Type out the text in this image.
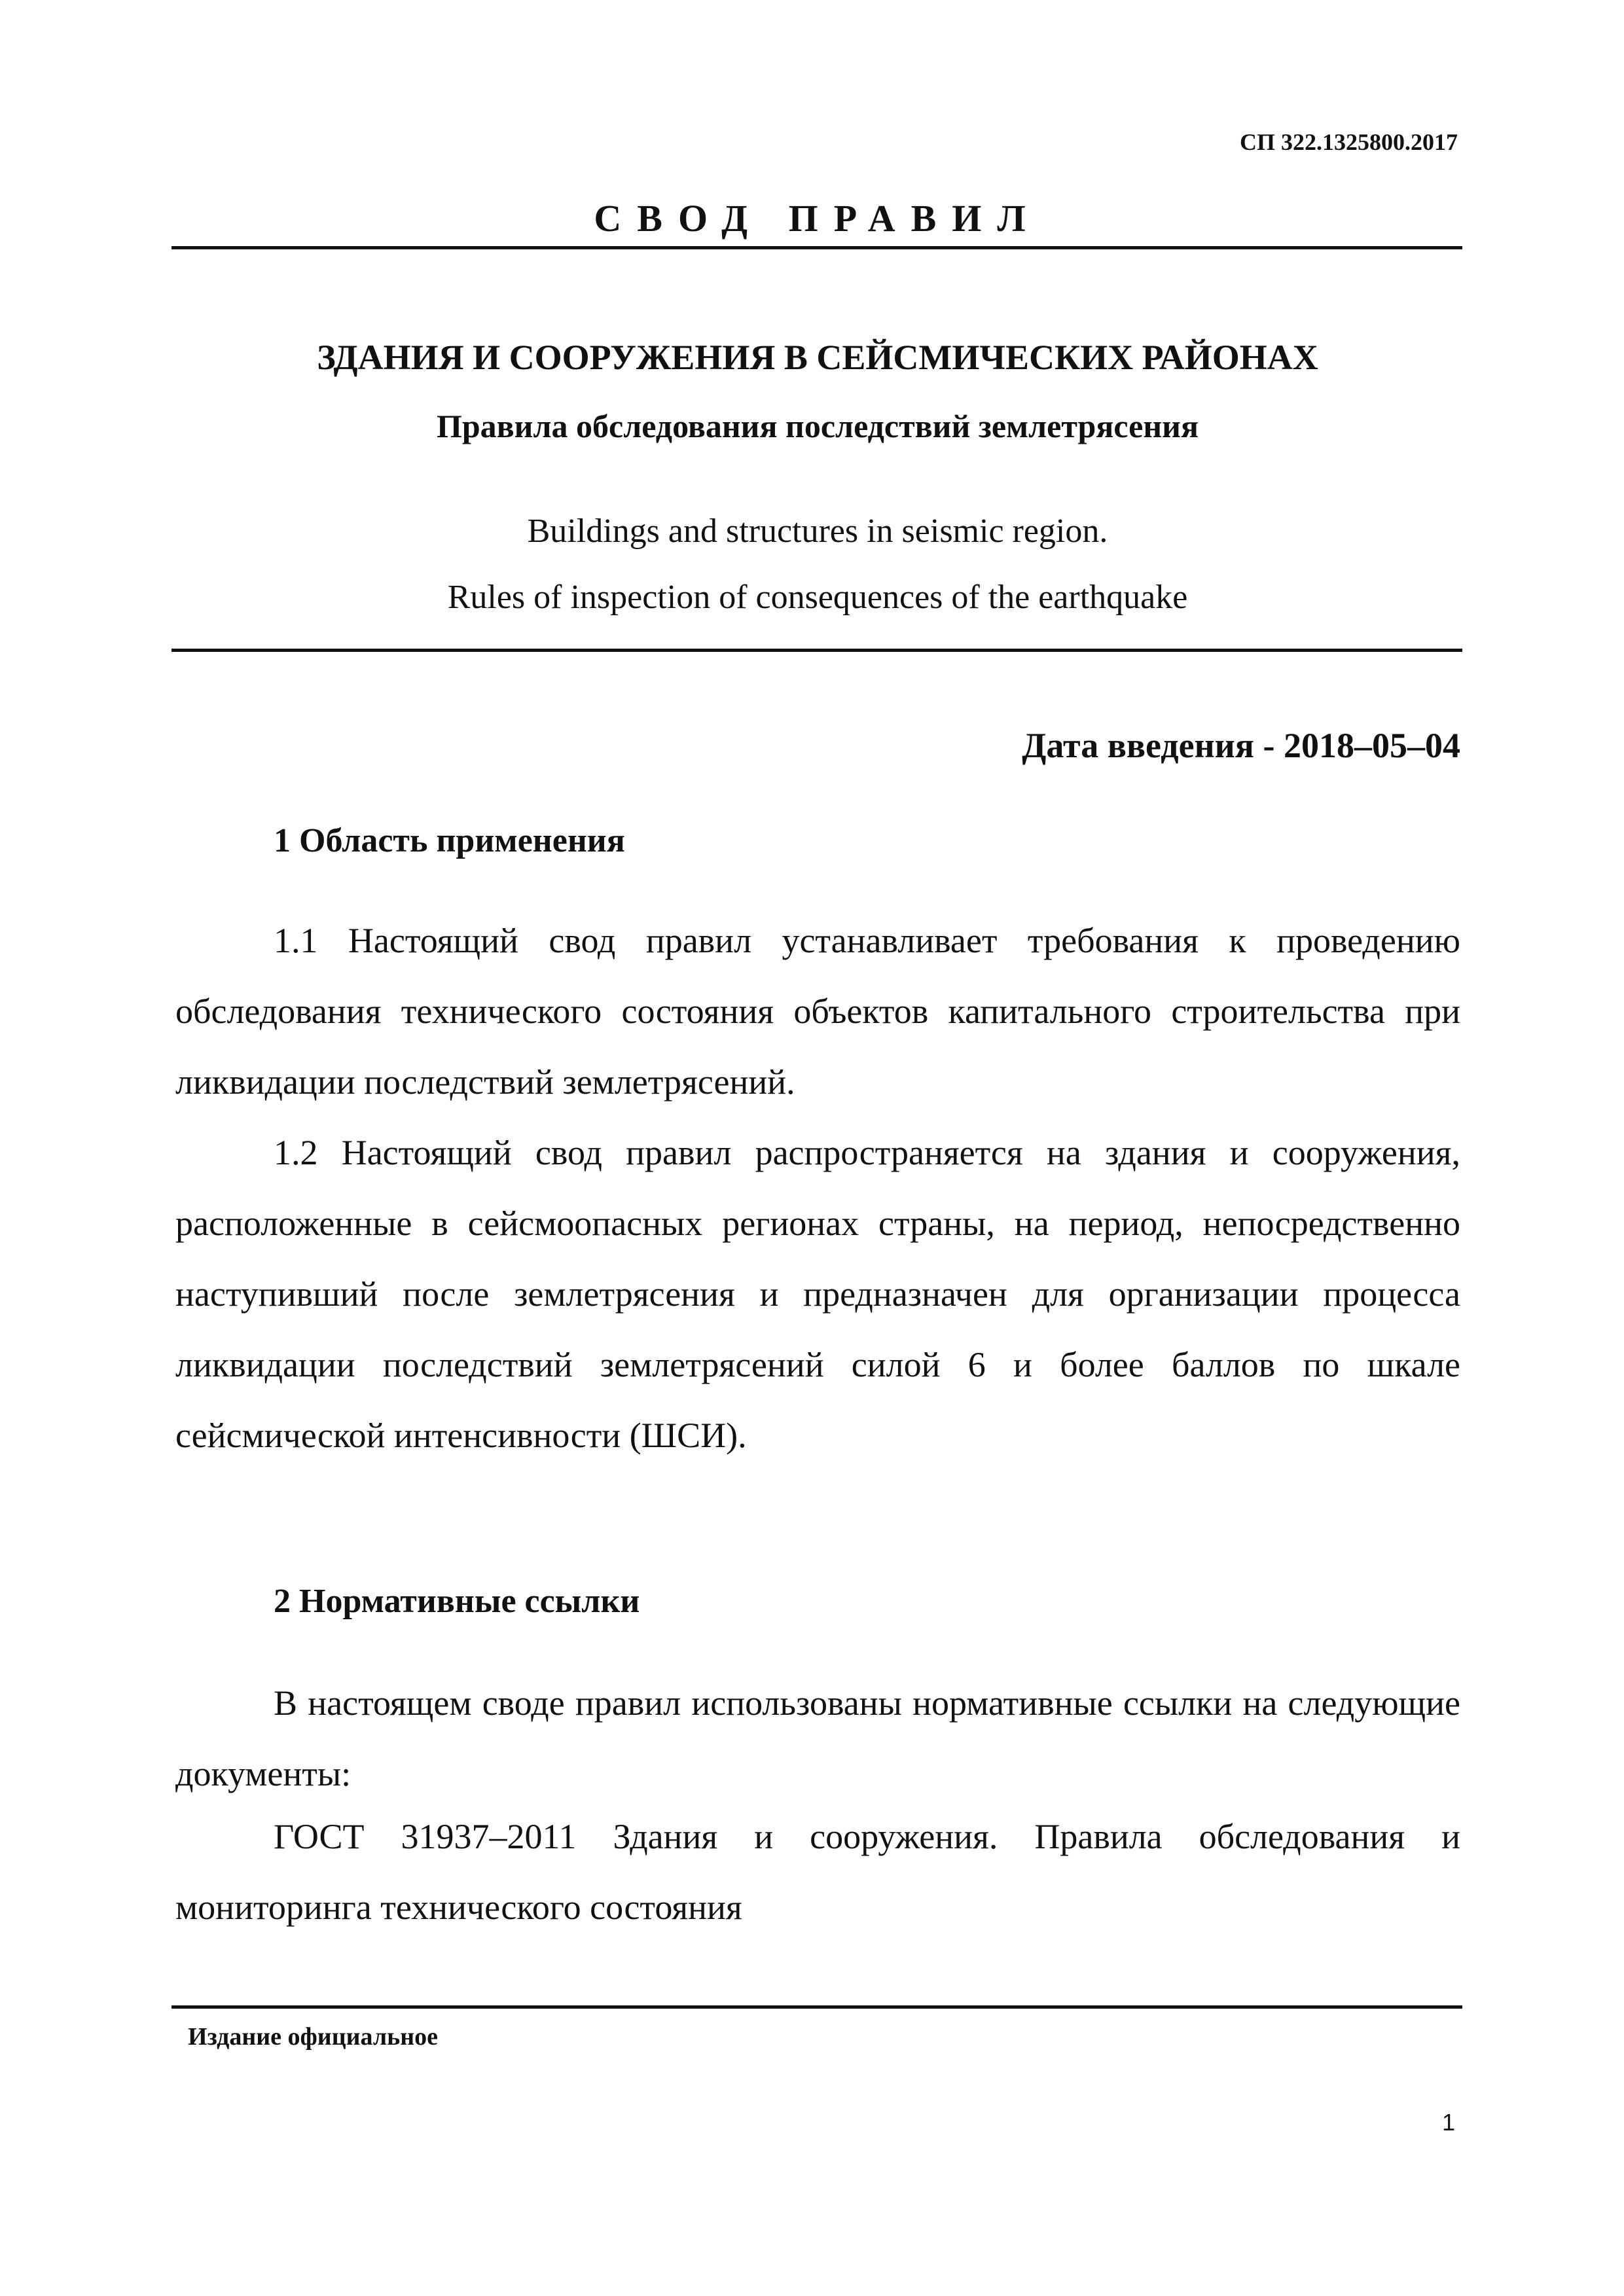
СП 322.1325800.2017
СВОД ПРАВИЛ
ЗДАНИЯ И СООРУЖЕНИЯ В СЕЙСМИЧЕСКИХ РАЙОНАХ
Правила обследования последствий землетрясения
Buildings and structures in seismic region.
Rules of inspection of consequences of the earthquake
Дата введения - 2018–05–04
1 Область применения
1.1 Настоящий свод правил устанавливает требования к проведению обследования технического состояния объектов капитального строительства при ликвидации последствий землетрясений.
1.2 Настоящий свод правил распространяется на здания и сооружения, расположенные в сейсмоопасных регионах страны, на период, непосредственно наступивший после землетрясения и предназначен для организации процесса ликвидации последствий землетрясений силой 6 и более баллов по шкале сейсмической интенсивности (ШСИ).
2 Нормативные ссылки
В настоящем своде правил использованы нормативные ссылки на следующие документы:
ГОСТ 31937–2011 Здания и сооружения. Правила обследования и мониторинга технического состояния
Издание официальное
1
